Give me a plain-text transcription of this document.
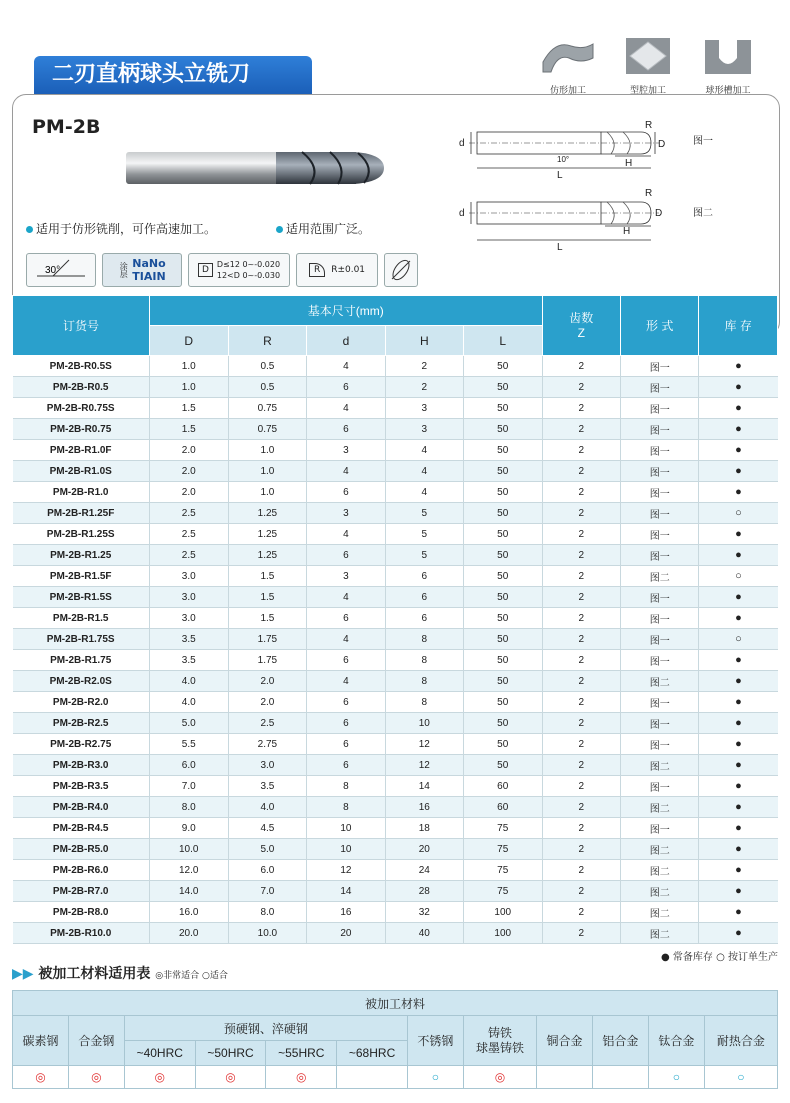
二刃直柄球头立铣刀
仿形加工	型腔加工	球形槽加工
PM-2B
适用于仿形铣削，可作高速加工。	适用范围广泛。
d
R
D
H
L
10°
图一
d
R
D
H
L
图二
30°	涂层 NaNo
TIAIN	D
D≤12 0~-0.020
12<D 0~-0.030
R	R±0.01
订货号	基本尺寸(mm)					齿数
Z	形 式	库 存
	D	R	d	H	L			
PM-2B-R0.5S	1.0	0.5	4	2	50	2	图一	●
PM-2B-R0.5	1.0	0.5	6	2	50	2	图一	●
PM-2B-R0.75S	1.5	0.75	4	3	50	2	图一	●
PM-2B-R0.75	1.5	0.75	6	3	50	2	图一	●
PM-2B-R1.0F	2.0	1.0	3	4	50	2	图一	●
PM-2B-R1.0S	2.0	1.0	4	4	50	2	图一	●
PM-2B-R1.0	2.0	1.0	6	4	50	2	图一	●
PM-2B-R1.25F	2.5	1.25	3	5	50	2	图一	○
PM-2B-R1.25S	2.5	1.25	4	5	50	2	图一	●
PM-2B-R1.25	2.5	1.25	6	5	50	2	图一	●
PM-2B-R1.5F	3.0	1.5	3	6	50	2	图二	○
PM-2B-R1.5S	3.0	1.5	4	6	50	2	图一	●
PM-2B-R1.5	3.0	1.5	6	6	50	2	图一	●
PM-2B-R1.75S	3.5	1.75	4	8	50	2	图一	○
PM-2B-R1.75	3.5	1.75	6	8	50	2	图一	●
PM-2B-R2.0S	4.0	2.0	4	8	50	2	图二	●
PM-2B-R2.0	4.0	2.0	6	8	50	2	图一	●
PM-2B-R2.5	5.0	2.5	6	10	50	2	图一	●
PM-2B-R2.75	5.5	2.75	6	12	50	2	图一	●
PM-2B-R3.0	6.0	3.0	6	12	50	2	图二	●
PM-2B-R3.5	7.0	3.5	8	14	60	2	图一	●
PM-2B-R4.0	8.0	4.0	8	16	60	2	图二	●
PM-2B-R4.5	9.0	4.5	10	18	75	2	图一	●
PM-2B-R5.0	10.0	5.0	10	20	75	2	图二	●
PM-2B-R6.0	12.0	6.0	12	24	75	2	图二	●
PM-2B-R7.0	14.0	7.0	14	28	75	2	图二	●
PM-2B-R8.0	16.0	8.0	16	32	100	2	图二	●
PM-2B-R10.0	20.0	10.0	20	40	100	2	图二	●
● 常备库存 ○ 按订单生产
▶▶ 被加工材料适用表 ◎非常适合 ○适合
被加工材料											
碳素钢	合金钢	预硬钢、淬硬钢				不锈钢	铸铁
球墨铸铁	铜合金	铝合金	钛合金	耐热合金
		~40HRC	~50HRC	~55HRC	~68HRC						
◎	◎	◎	◎	◎		○	◎			○	○
